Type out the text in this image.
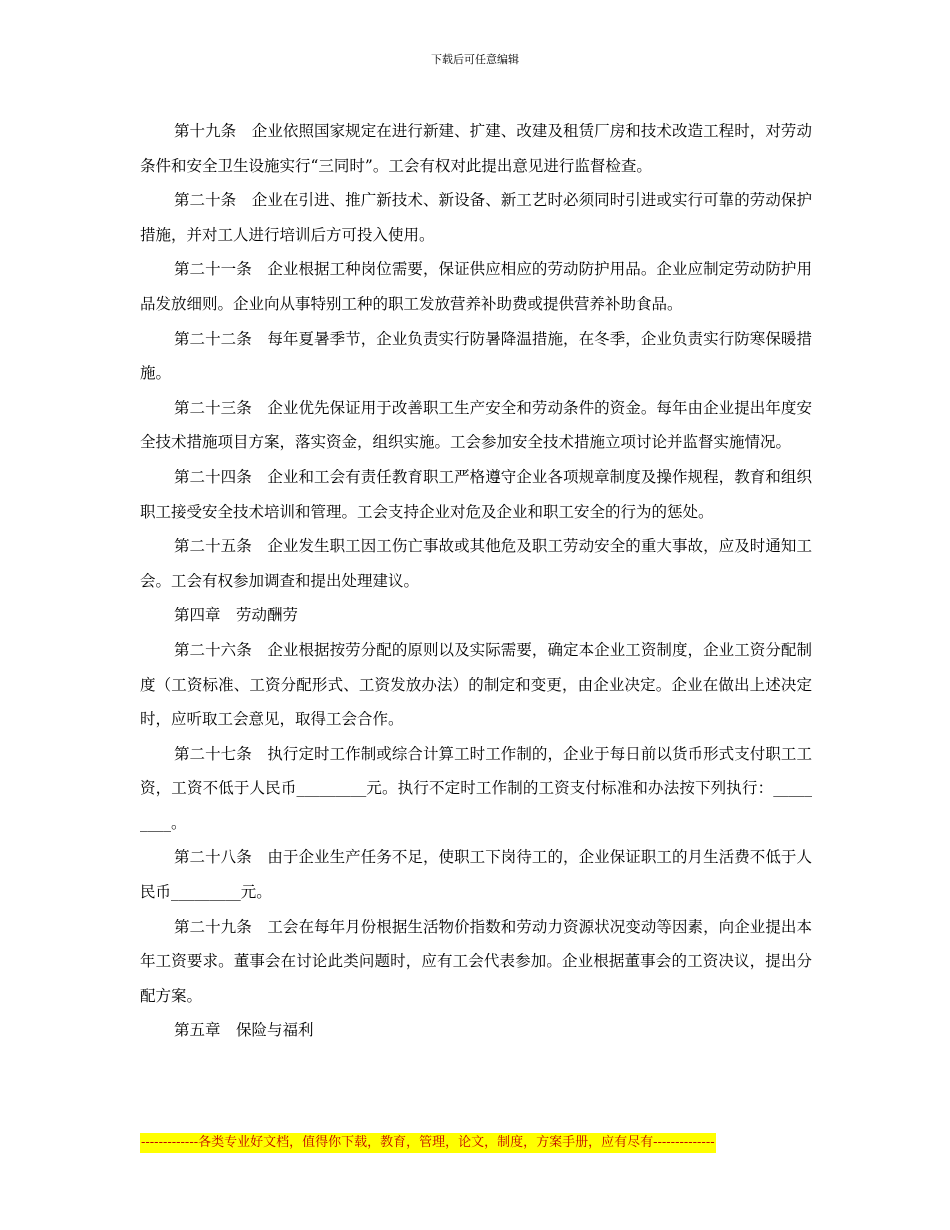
下载后可任意编辑

第十九条　企业依照国家规定在进行新建、扩建、改建及租赁厂房和技术改造工程时，对劳动条件和安全卫生设施实行“三同时”。工会有权对此提出意见进行监督检查。

第二十条　企业在引进、推广新技术、新设备、新工艺时必须同时引进或实行可靠的劳动保护措施，并对工人进行培训后方可投入使用。

第二十一条　企业根据工种岗位需要，保证供应相应的劳动防护用品。企业应制定劳动防护用品发放细则。企业向从事特别工种的职工发放营养补助费或提供营养补助食品。

第二十二条　每年夏暑季节，企业负责实行防暑降温措施，在冬季，企业负责实行防寒保暖措施。

第二十三条　企业优先保证用于改善职工生产安全和劳动条件的资金。每年由企业提出年度安全技术措施项目方案，落实资金，组织实施。工会参加安全技术措施立项讨论并监督实施情况。

第二十四条　企业和工会有责任教育职工严格遵守企业各项规章制度及操作规程，教育和组织职工接受安全技术培训和管理。工会支持企业对危及企业和职工安全的行为的惩处。

第二十五条　企业发生职工因工伤亡事故或其他危及职工劳动安全的重大事故，应及时通知工会。工会有权参加调查和提出处理建议。

第四章　劳动酬劳

第二十六条　企业根据按劳分配的原则以及实际需要，确定本企业工资制度，企业工资分配制度（工资标准、工资分配形式、工资发放办法）的制定和变更，由企业决定。企业在做出上述决定时，应听取工会意见，取得工会合作。

第二十七条　执行定时工作制或综合计算工时工作制的，企业于每日前以货币形式支付职工工资，工资不低于人民币_________元。执行不定时工作制的工资支付标准和办法按下列执行：_________。

第二十八条　由于企业生产任务不足，使职工下岗待工的，企业保证职工的月生活费不低于人民币_________元。

第二十九条　工会在每年月份根据生活物价指数和劳动力资源状况变动等因素，向企业提出本年工资要求。董事会在讨论此类问题时，应有工会代表参加。企业根据董事会的工资决议，提出分配方案。

第五章　保险与福利

-------------各类专业好文档，值得你下载，教育，管理，论文，制度，方案手册，应有尽有--------------
